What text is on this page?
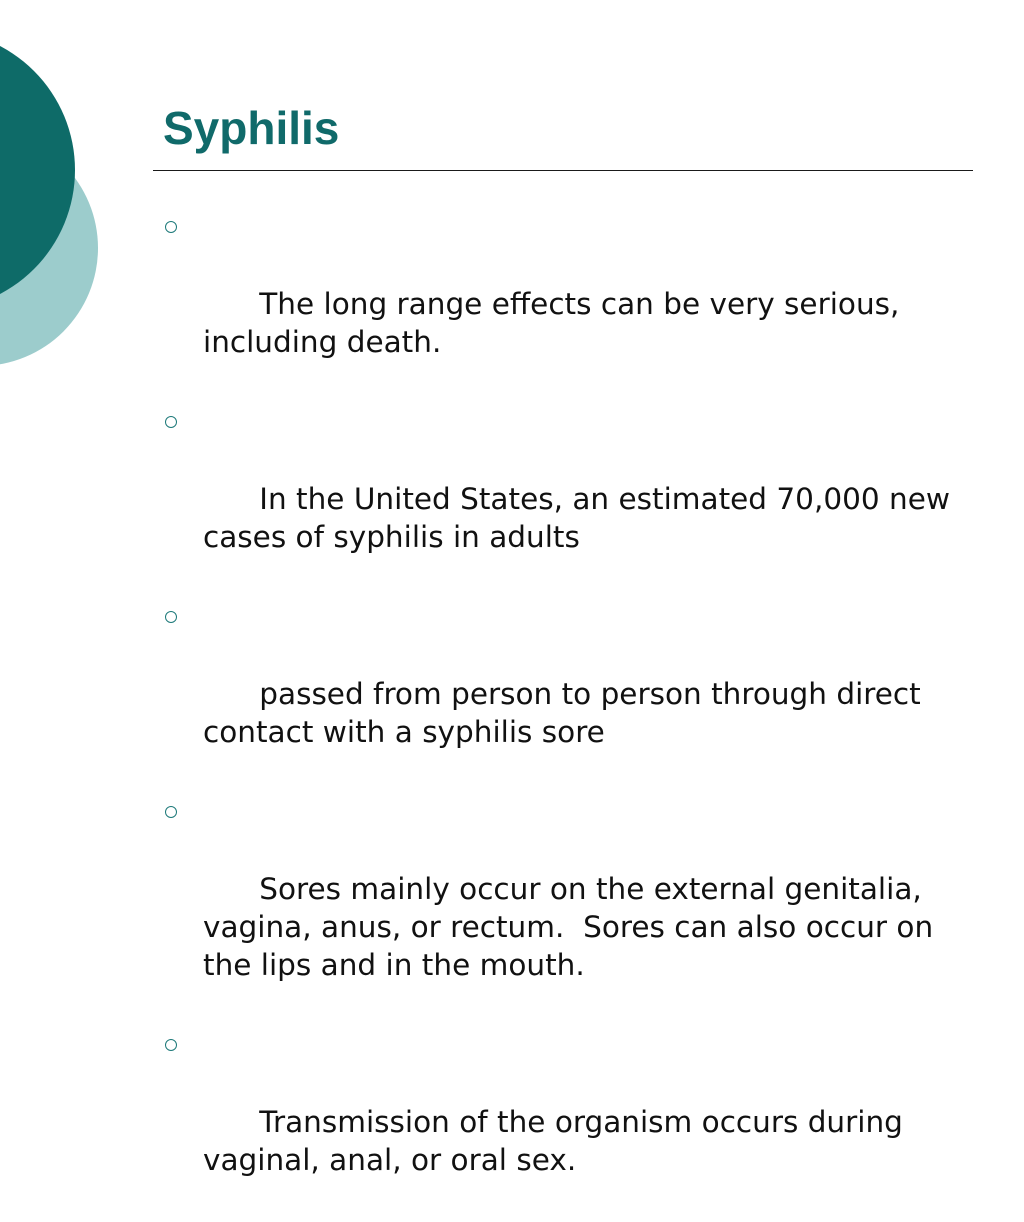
Syphilis

The long range effects can be very serious, including death.

In the United States, an estimated 70,000 new cases of syphilis in adults

passed from person to person through direct contact with a syphilis sore

Sores mainly occur on the external genitalia, vagina, anus, or rectum.  Sores can also occur on the lips and in the mouth.

Transmission of the organism occurs during vaginal, anal, or oral sex.
